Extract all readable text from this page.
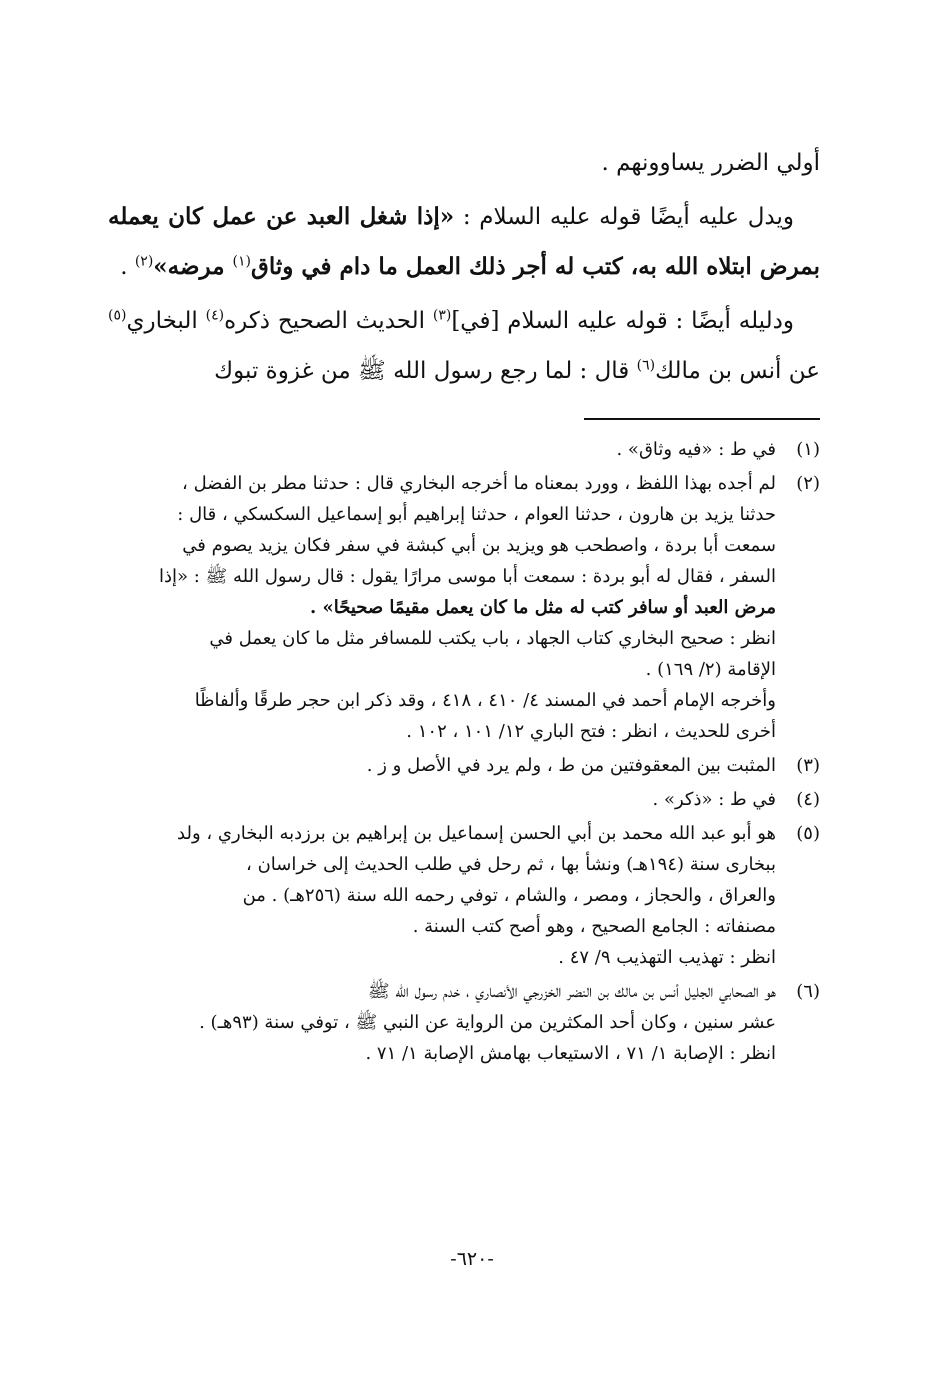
أولي الضرر يساوونهم .

ويدل عليه أيضًا قوله عليه السلام : «إذا شغل العبد عن عمل كان يعمله بمرض ابتلاه الله به، كتب له أجر ذلك العمل ما دام في وثاق$^{(١)}$ مرضه»$^{(٢)}$ .

ودليله أيضًا : قوله عليه السلام [في]$^{(٣)}$ الحديث الصحيح ذكره$^{(٤)}$ البخاري$^{(٥)}$ عن أنس بن مالك$^{(٦)}$ قال : لما رجع رسول الله ﷺ من غزوة تبوك

(١)
في ط : «فيه وثاق» .
(٢)
لم أجده بهذا اللفظ ، وورد بمعناه ما أخرجه البخاري قال : حدثنا مطر بن الفضل ،
حدثنا يزيد بن هارون ، حدثنا العوام ، حدثنا إبراهيم أبو إسماعيل السكسكي ، قال :
سمعت أبا بردة ، واصطحب هو ويزيد بن أبي كبشة في سفر فكان يزيد يصوم في
السفر ، فقال له أبو بردة : سمعت أبا موسى مرارًا يقول : قال رسول الله ﷺ : «إذا
مرض العبد أو سافر كتب له مثل ما كان يعمل مقيمًا صحيحًا» .
انظر : صحيح البخاري كتاب الجهاد ، باب يكتب للمسافر مثل ما كان يعمل في
الإقامة (٢/ ١٦٩) .
وأخرجه الإمام أحمد في المسند ٤/ ٤١٠ ، ٤١٨ ، وقد ذكر ابن حجر طرقًا وألفاظًا
أخرى للحديث ، انظر : فتح الباري ١٢/ ١٠١ ، ١٠٢ .
(٣)
المثبت بين المعقوفتين من ط ، ولم يرد في الأصل و ز .
(٤)
في ط : «ذكر» .
(٥)
هو أبو عبد الله محمد بن أبي الحسن إسماعيل بن إبراهيم بن برزدبه البخاري ، ولد
ببخارى سنة (١٩٤هـ) ونشأ بها ، ثم رحل في طلب الحديث إلى خراسان ،
والعراق ، والحجاز ، ومصر ، والشام ، توفي رحمه الله سنة (٢٥٦هـ) . من
مصنفاته : الجامع الصحيح ، وهو أصح كتب السنة .
انظر : تهذيب التهذيب ٩/ ٤٧ .
(٦)
هو الصحابي الجليل أنس بن مالك بن النضر الخزرجي الأنصاري ، خدم رسول الله ﷺ
عشر سنين ، وكان أحد المكثرين من الرواية عن النبي ﷺ ، توفي سنة (٩٣هـ) .
انظر : الإصابة ١/ ٧١ ، الاستيعاب بهامش الإصابة ١/ ٧١ .
-٦٢٠-
